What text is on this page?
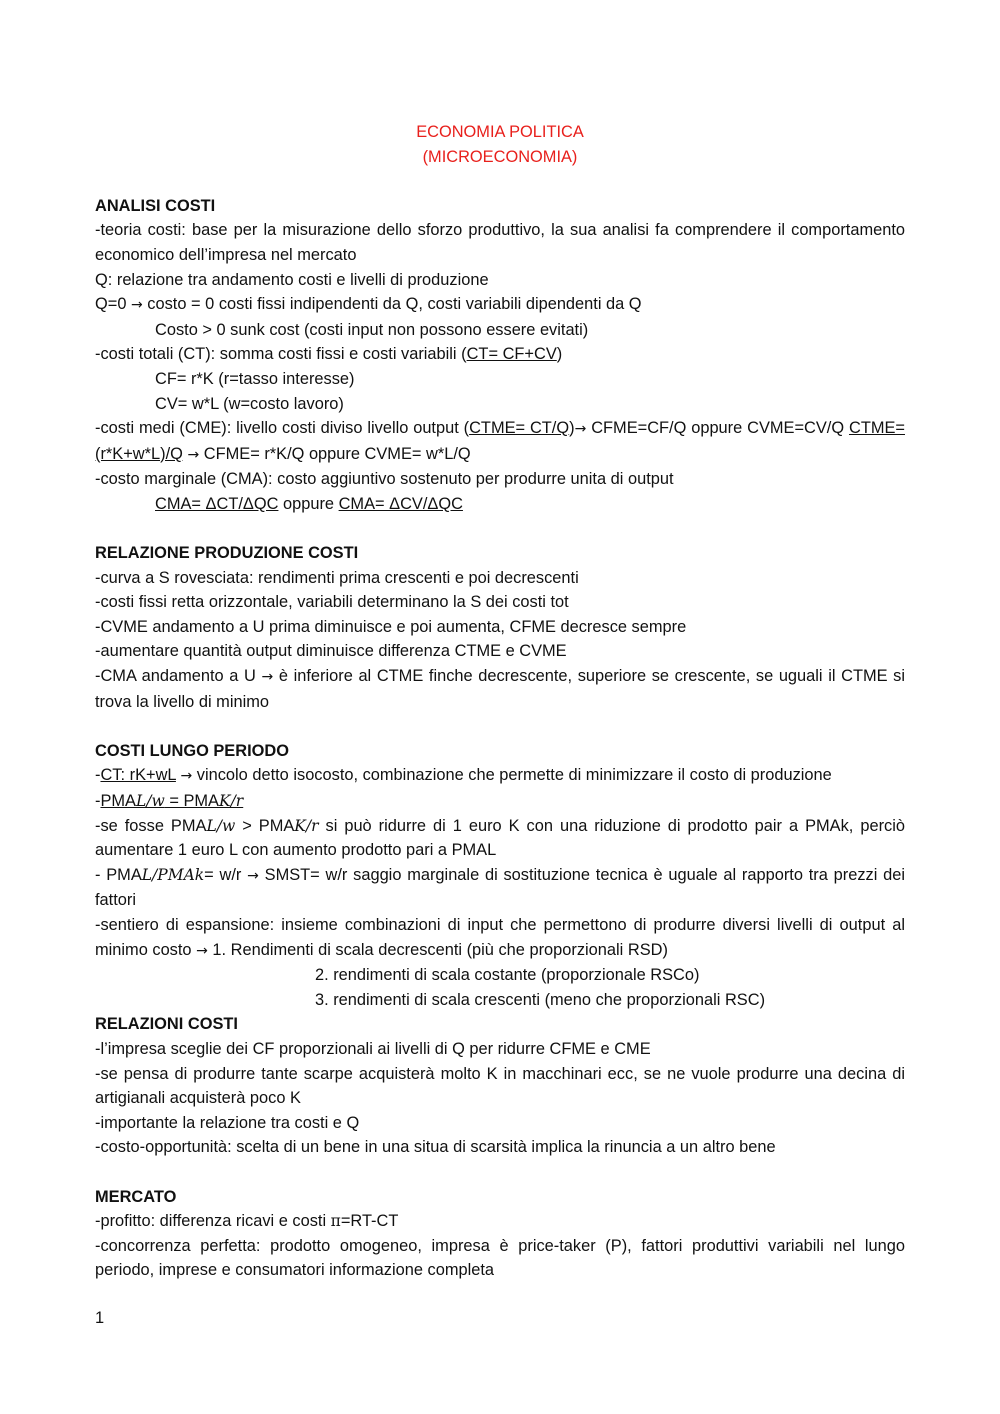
ECONOMIA POLITICA
(MICROECONOMIA)
ANALISI COSTI
-teoria costi: base per la misurazione dello sforzo produttivo, la sua analisi fa comprendere il comportamento economico dell’impresa nel mercato
Q: relazione tra andamento costi e livelli di produzione
Q=0 → costo = 0 costi fissi indipendenti da Q, costi variabili dipendenti da Q
Costo > 0 sunk cost (costi input non possono essere evitati)
-costi totali (CT): somma costi fissi e costi variabili (CT= CF+CV)
CF= r*K (r=tasso interesse)
CV= w*L (w=costo lavoro)
-costi medi (CME): livello costi diviso livello output (CTME= CT/Q)→ CFME=CF/Q oppure CVME=CV/Q CTME=(r*K+w*L)/Q → CFME= r*K/Q oppure CVME= w*L/Q
-costo marginale (CMA): costo aggiuntivo sostenuto per produrre unita di output
CMA= ΔCT/ΔQC oppure CMA= ΔCV/ΔQC
RELAZIONE PRODUZIONE COSTI
-curva a S rovesciata: rendimenti prima crescenti e poi decrescenti
-costi fissi retta orizzontale, variabili determinano la S dei costi tot
-CVME andamento a U prima diminuisce e poi aumenta, CFME decresce sempre
-aumentare quantità output diminuisce differenza CTME e CVME
-CMA andamento a U → è inferiore al CTME finche decrescente, superiore se crescente, se uguali il CTME si trova la livello di minimo
COSTI LUNGO PERIODO
-CT: rK+wL → vincolo detto isocosto, combinazione che permette di minimizzare il costo di produzione
-PMAL/w = PMAK/r
-se fosse PMAL/w > PMAK/r si può ridurre di 1 euro K con una riduzione di prodotto pair a PMAk, perciò aumentare 1 euro L con aumento prodotto pari a PMAL
- PMAL/PMAk= w/r → SMST= w/r saggio marginale di sostituzione tecnica è uguale al rapporto tra prezzi dei fattori
-sentiero di espansione: insieme combinazioni di input che permettono di produrre diversi livelli di output al minimo costo → 1. Rendimenti di scala decrescenti (più che proporzionali RSD)
2. rendimenti di scala costante (proporzionale RSCo)
3. rendimenti di scala crescenti (meno che proporzionali RSC)
RELAZIONI COSTI
-l’impresa sceglie dei CF proporzionali ai livelli di Q per ridurre CFME e CME
-se pensa di produrre tante scarpe acquisterà molto K in macchinari ecc, se ne vuole produrre una decina di artigianali acquisterà poco K
-importante la relazione tra costi e Q
-costo-opportunità: scelta di un bene in una situa di scarsità implica la rinuncia a un altro bene
MERCATO
-profitto: differenza ricavi e costi π=RT-CT
-concorrenza perfetta: prodotto omogeneo, impresa è price-taker (P), fattori produttivi variabili nel lungo periodo, imprese e consumatori informazione completa
1
